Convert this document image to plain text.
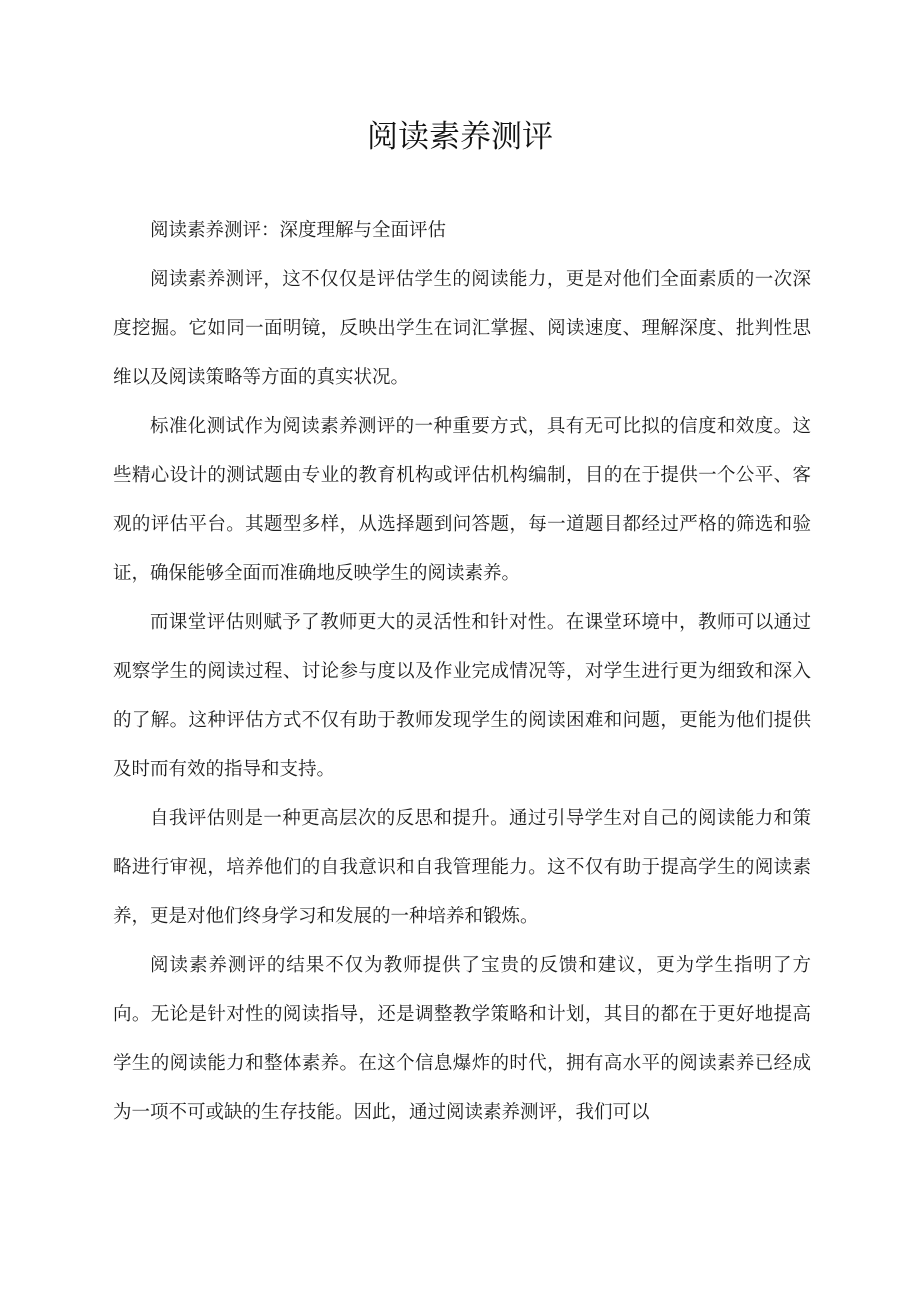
阅读素养测评

阅读素养测评：深度理解与全面评估

阅读素养测评，这不仅仅是评估学生的阅读能力，更是对他们全面素质的一次深度挖掘。它如同一面明镜，反映出学生在词汇掌握、阅读速度、理解深度、批判性思维以及阅读策略等方面的真实状况。

标准化测试作为阅读素养测评的一种重要方式，具有无可比拟的信度和效度。这些精心设计的测试题由专业的教育机构或评估机构编制，目的在于提供一个公平、客观的评估平台。其题型多样，从选择题到问答题，每一道题目都经过严格的筛选和验证，确保能够全面而准确地反映学生的阅读素养。

而课堂评估则赋予了教师更大的灵活性和针对性。在课堂环境中，教师可以通过观察学生的阅读过程、讨论参与度以及作业完成情况等，对学生进行更为细致和深入的了解。这种评估方式不仅有助于教师发现学生的阅读困难和问题，更能为他们提供及时而有效的指导和支持。

自我评估则是一种更高层次的反思和提升。通过引导学生对自己的阅读能力和策略进行审视，培养他们的自我意识和自我管理能力。这不仅有助于提高学生的阅读素养，更是对他们终身学习和发展的一种培养和锻炼。

阅读素养测评的结果不仅为教师提供了宝贵的反馈和建议，更为学生指明了方向。无论是针对性的阅读指导，还是调整教学策略和计划，其目的都在于更好地提高学生的阅读能力和整体素养。在这个信息爆炸的时代，拥有高水平的阅读素养已经成为一项不可或缺的生存技能。因此，通过阅读素养测评，我们可以
